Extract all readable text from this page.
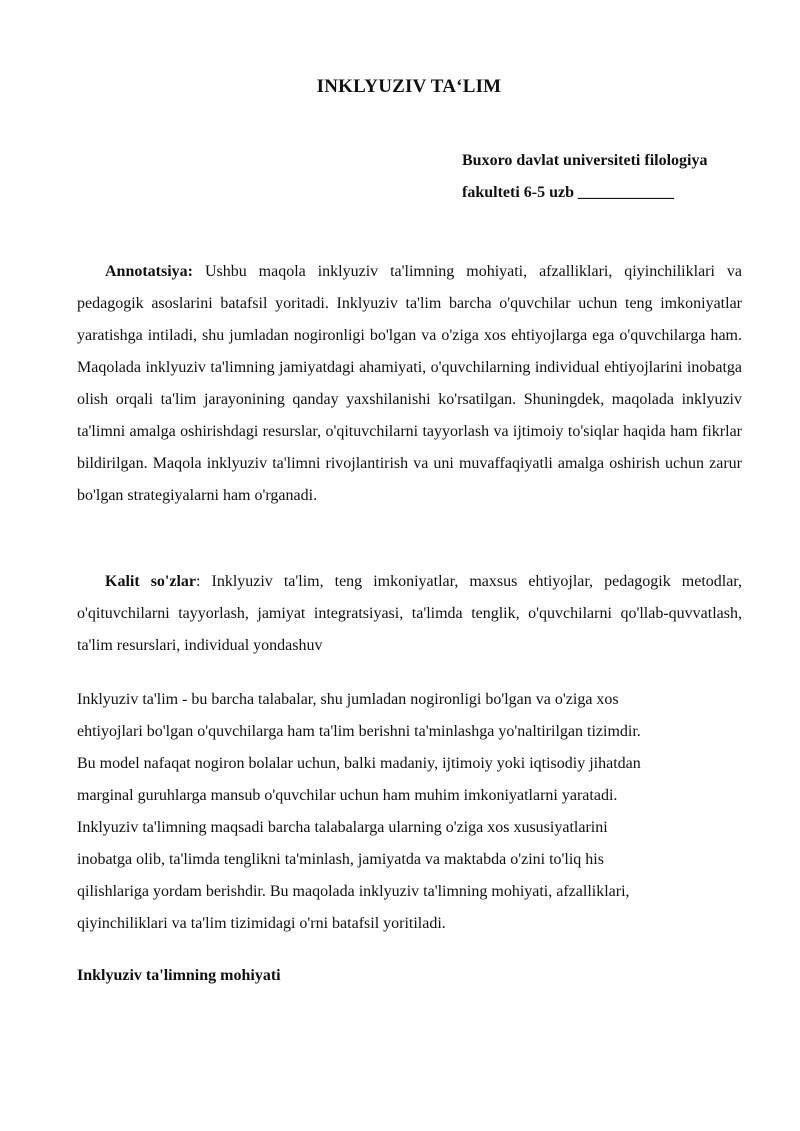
INKLYUZIV TA‘LIM
Buxoro davlat universiteti filologiya
fakulteti 6-5 uzb ____________

Annotatsiya: Ushbu maqola inklyuziv ta'limning mohiyati, afzalliklari, qiyinchiliklari va pedagogik asoslarini batafsil yoritadi. Inklyuziv ta'lim barcha o'quvchilar uchun teng imkoniyatlar yaratishga intiladi, shu jumladan nogironligi bo'lgan va o'ziga xos ehtiyojlarga ega o'quvchilarga ham. Maqolada inklyuziv ta'limning jamiyatdagi ahamiyati, o'quvchilarning individual ehtiyojlarini inobatga olish orqali ta'lim jarayonining qanday yaxshilanishi ko'rsatilgan. Shuningdek, maqolada inklyuziv ta'limni amalga oshirishdagi resurslar, o'qituvchilarni tayyorlash va ijtimoiy to'siqlar haqida ham fikrlar bildirilgan. Maqola inklyuziv ta'limni rivojlantirish va uni muvaffaqiyatli amalga oshirish uchun zarur bo'lgan strategiyalarni ham o'rganadi.

Kalit so'zlar: Inklyuziv ta'lim, teng imkoniyatlar, maxsus ehtiyojlar, pedagogik metodlar, o'qituvchilarni tayyorlash, jamiyat integratsiyasi, ta'limda tenglik, o'quvchilarni qo'llab-quvvatlash, ta'lim resurslari, individual yondashuv

Inklyuziv ta'lim - bu barcha talabalar, shu jumladan nogironligi bo'lgan va o'ziga xos
ehtiyojlari bo'lgan o'quvchilarga ham ta'lim berishni ta'minlashga yo'naltirilgan tizimdir.
Bu model nafaqat nogiron bolalar uchun, balki madaniy, ijtimoiy yoki iqtisodiy jihatdan
marginal guruhlarga mansub o'quvchilar uchun ham muhim imkoniyatlarni yaratadi.
Inklyuziv ta'limning maqsadi barcha talabalarga ularning o'ziga xos xususiyatlarini
inobatga olib, ta'limda tenglikni ta'minlash, jamiyatda va maktabda o'zini to'liq his
qilishlariga yordam berishdir. Bu maqolada inklyuziv ta'limning mohiyati, afzalliklari,
qiyinchiliklari va ta'lim tizimidagi o'rni batafsil yoritiladi.
Inklyuziv ta'limning mohiyati
